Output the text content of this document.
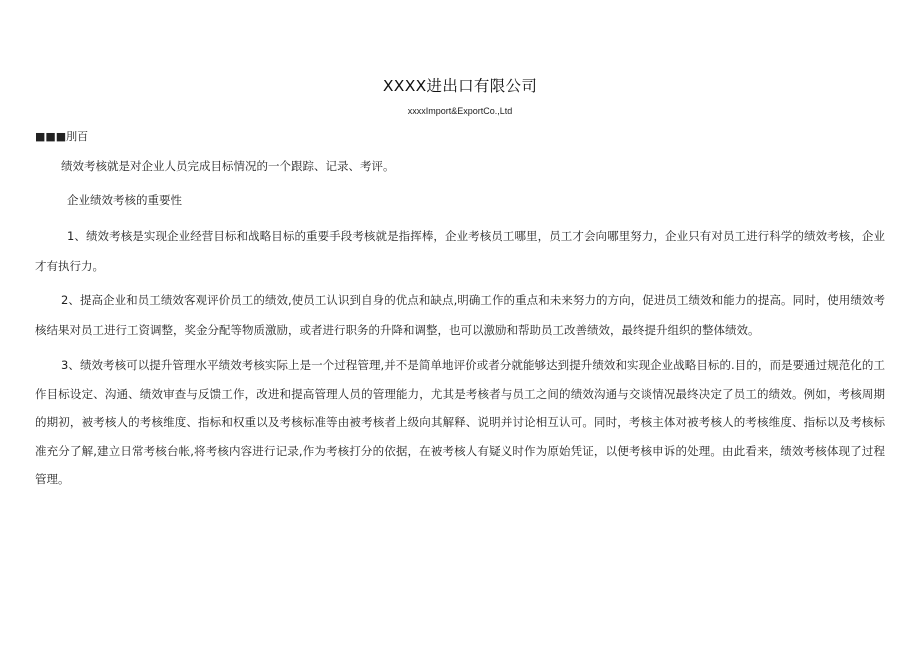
XXXX进出口有限公司
xxxxImport&ExportCo.,Ltd
■■■刖百
绩效考核就是对企业人员完成目标情况的一个跟踪、记录、考评。
企业绩效考核的重要性
1、绩效考核是实现企业经营目标和战略目标的重要手段考核就是指挥棒，企业考核员工哪里，员工才会向哪里努力，企业只有对员工进行科学的绩效考核，企业才有执行力。
2、提高企业和员工绩效客观评价员工的绩效,使员工认识到自身的优点和缺点,明确工作的重点和未来努力的方向，促进员工绩效和能力的提高。同时，使用绩效考核结果对员工进行工资调整，奖金分配等物质激励，或者进行职务的升降和调整，也可以激励和帮助员工改善绩效，最终提升组织的整体绩效。
3、绩效考核可以提升管理水平绩效考核实际上是一个过程管理,并不是简单地评价或者分就能够达到提升绩效和实现企业战略目标的.目的，而是要通过规范化的工作目标设定、沟通、绩效审查与反馈工作，改进和提高管理人员的管理能力，尤其是考核者与员工之间的绩效沟通与交谈情况最终决定了员工的绩效。例如，考核周期的期初，被考核人的考核维度、指标和权重以及考核标准等由被考核者上级向其解释、说明并讨论相互认可。同时，考核主体对被考核人的考核维度、指标以及考核标准充分了解,建立日常考核台帐,将考核内容进行记录,作为考核打分的依据，在被考核人有疑义时作为原始凭证，以便考核申诉的处理。由此看来，绩效考核体现了过程管理。
